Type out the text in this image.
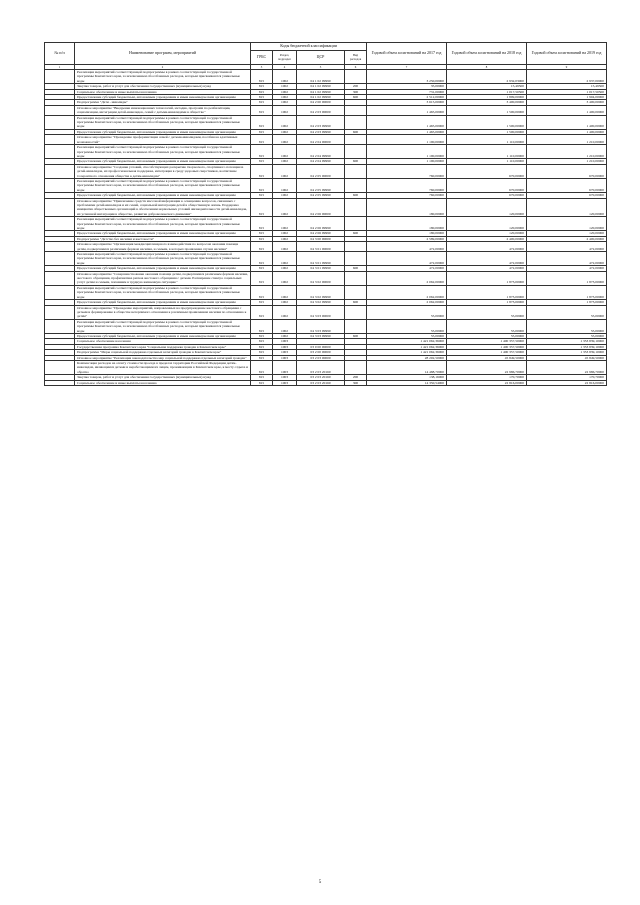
№ п/п	Наименование программ, мероприятий	Коды бюджетной классификации				Годовой объем ассигнований на 2017 год	Годовой объем ассигнований на 2018 год	Годовой объем ассигнований на 2019 год
		ГРБС	Раздел, подраздел	ЦСР	Вид расходов			
1	2	3	4	5	6	7	8	9
	Реализация мероприятий соответствующей подпрограммы в рамках соответствующей государственной программы Камчатского края, за исключением обособленных расходов, которым присваиваются уникальные коды	815	1002	04 1 02 09990		3 250,00000	2 932,03000	2 937,00000
	Закупка товаров, работ и услуг для обеспечения государственных (муниципальных) нужд	815	1002	04 1 02 09990	200	35,00000	15,49500	15,49500
	Социальное обеспечение и иные выплаты населению	815	1002	04 1 02 09990	300	731,00000	1 017,50500	1 017,50500
	Предоставление субсидий бюджетным, автономным учреждениям и иным некоммерческим организациям	815	1002	04 1 02 09990	600	2 512,00000	1 899,00000	1 904,00000
	Подпрограмма "Дети - инвалиды"	815	1002	04 2 00 00000		3 615,00000	3 400,00000	3 400,00000
	Основное мероприятие "Внедрение инновационных технологий, методик, программ по реабилитации, социализации, интеграции детей-инвалидов, семей с детьми-инвалидами в общество"	815	1002	04 2 03 00000		1 465,00000	1 500,00000	1 400,00000
	Реализация мероприятий соответствующей подпрограммы в рамках соответствующей государственной программы Камчатского края, за исключением обособленных расходов, которым присваиваются уникальные коды	815	1002	04 2 03 09990		1 465,00000	1 500,00000	1 400,00000
	Предоставление субсидий бюджетным, автономным учреждениям и иным некоммерческим организациям	815	1002	04 2 03 09990	600	1 465,00000	1 500,00000	1 400,00000
	Основное мероприятие "Проведение профориентации семей с детьми-инвалидами, пособия на адаптивных возможностей"	815	1002	04 2 04 00000		1 190,00000	1 110,00000	1 210,00000
	Реализация мероприятий соответствующей подпрограммы в рамках соответствующей государственной программы Камчатского края, за исключением обособленных расходов, которым присваиваются уникальные коды	815	1002	04 2 04 09990		1 190,00000	1 110,00000	1 210,00000
	Предоставление субсидий бюджетным, автономным учреждениям и иным некоммерческим организациям	815	1002	04 2 04 09990	600	1 190,00000	1 110,00000	1 210,00000
	Основное мероприятие "Создание условий, способствующих раскрытию творческого, спортивного потенциала детей-инвалидов, их профессиональная поддержка, интеграция в среду здоровых сверстников, воспитание толерантного отношения общества к детям-инвалидам"	815	1002	04 2 05 00000		760,00000	670,00000	670,00000
	Реализация мероприятий соответствующей подпрограммы в рамках соответствующей государственной программы Камчатского края, за исключением обособленных расходов, которым присваиваются уникальные коды	815	1002	04 2 05 09990		760,00000	670,00000	670,00000
	Предоставление субсидий бюджетным, автономным учреждениям и иным некоммерческим организациям	815	1002	04 2 05 09990	600	760,00000	670,00000	670,00000
	Основное мероприятие "Привлечение средств массовой информации к освещению вопросов, связанных с проблемами детей-инвалидов и их семей, социальной интеграции детей в общественную жизнь. Поддержка инициатив общественных организаций в обеспечении нормальных условий жизнедеятельности детей-инвалидов, их успешной интеграции в общество, развитие добровольческого движения"	815	1002	04 2 06 00000		180,00000	120,00000	120,00000
	Реализация мероприятий соответствующей подпрограммы в рамках соответствующей государственной программы Камчатского края, за исключением обособленных расходов, которым присваиваются уникальные коды	815	1002	04 2 06 09990		180,00000	120,00000	120,00000
	Предоставление субсидий бюджетным, автономным учреждениям и иным некоммерческим организациям	815	1002	04 2 06 09990	600	180,00000	120,00000	120,00000
	Подпрограмма "Детство без насилия и жестокости"	815	1002	04 3 00 00000		2 589,00000	2 400,00000	2 400,00000
	Основное мероприятие "Организация междисциплинарного взаимодействия по вопросам оказания помощи детям, подвергшимся различным формам насилия, и семьям, в которых проявления случаи насилия"	815	1002	04 3 01 00000		472,00000	472,00000	472,00000
	Реализация мероприятий соответствующей подпрограммы в рамках соответствующей государственной программы Камчатского края, за исключением обособленных расходов, которым присваиваются уникальные коды	815	1002	04 3 01 09990		472,00000	472,00000	472,00000
	Предоставление субсидий бюджетным, автономным учреждениям и иным некоммерческим организациям	815	1002	04 3 01 09990	600	472,00000	472,00000	472,00000
	Основное мероприятие "Совершенствование оказания помощи детям, подвергшимся различным формам насилия, жестокого обращения, профилактика рисков жестокого обращения с детьми. Расширение спектра социальных услуг детям и семьям, попавшим в трудную жизненную ситуацию"	815	1002	04 3 02 00000		2 062,00000	1 873,00000	1 873,00000
	Реализация мероприятий соответствующей подпрограммы в рамках соответствующей государственной программы Камчатского края, за исключением обособленных расходов, которым присваиваются уникальные коды	815	1002	04 3 02 09990		2 062,00000	1 873,00000	1 873,00000
	Предоставление субсидий бюджетным, автономным учреждениям и иным некоммерческим организациям	815	1002	04 3 02 09990	600	2 062,00000	1 873,00000	1 873,00000
	Основное мероприятие "Проведение мероприятий, направленных на предупреждение жестокого обращения с детьми и формирование в обществе нетерпимого отношения к различным проявлениям насилия по отношению к детям"	815	1002	04 3 03 00000		55,00000	55,00000	55,00000
	Реализация мероприятий соответствующей подпрограммы в рамках соответствующей государственной программы Камчатского края, за исключением обособленных расходов, которым присваиваются уникальные коды	815	1002	04 3 03 09990		55,00000	55,00000	55,00000
	Предоставление субсидий бюджетным, автономным учреждениям и иным некоммерческим организациям	815	1002	04 3 03 09990	600	55,00000	55,00000	55,00000
	Социальное обеспечение населения	815	1003			1 421 062,36000	1 400 357,50000	1 353 839,10000
	Государственная программа Камчатского края "Социальная поддержка граждан в Камчатском крае"	815	1003	03 0 00 00000		1 421 062,36000	1 400 357,50000	1 353 839,10000
	Подпрограмма "Меры социальной поддержки отдельных категорий граждан в Камчатском крае"	815	1003	03 2 00 00000		1 421 062,36000	1 400 357,50000	1 353 839,10000
	Основное мероприятие "Реализация законодательства мер социальной поддержки отдельных категорий граждан"	815	1003	03 2 03 00000		28 202,50000	45 849,50000	45 849,50000
	Компенсация расходов на оплату стоимости проезда в пределах территории Российской Федерации детям-инвалидам, являющимся детьми и неработающими их лицам, проживающим в Камчатском крае, к месту отдыха и обратно	815	1003	03 2 03 20160		14 488,70000	22 986,70000	22 986,70000
	Закупка товаров, работ и услуг для обеспечения государственных (муниципальных) нужд	815	1003	03 2 03 20160	200	138,16000	170,70000	170,70000
	Социальное обеспечение и иные выплаты населению	815	1003	03 2 03 20160	300	14 350,54000	22 816,00000	22 816,00000
5
